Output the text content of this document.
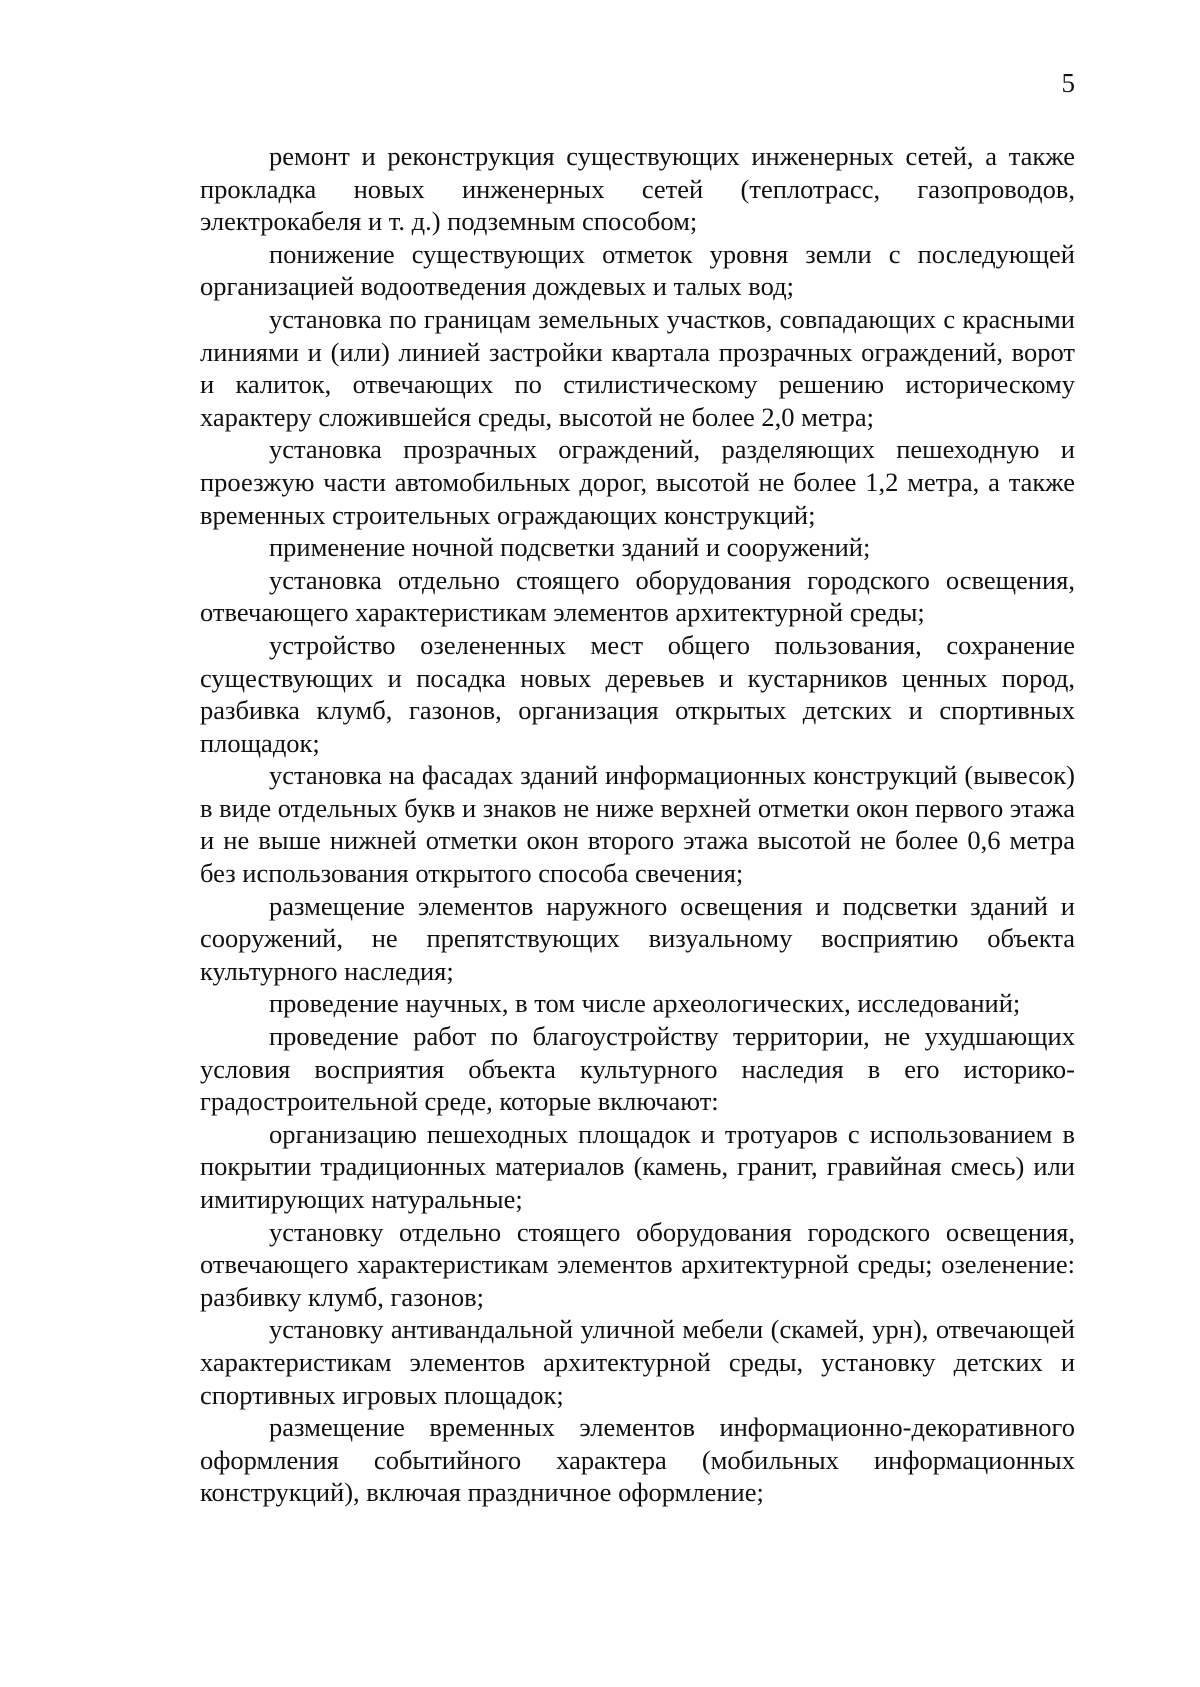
5

ремонт и реконструкция существующих инженерных сетей, а также прокладка новых инженерных сетей (теплотрасс, газопроводов, электрокабеля и т. д.) подземным способом;

понижение существующих отметок уровня земли с последующей организацией водоотведения дождевых и талых вод;

установка по границам земельных участков, совпадающих с красными линиями и (или) линией застройки квартала прозрачных ограждений, ворот и калиток, отвечающих по стилистическому решению историческому характеру сложившейся среды, высотой не более 2,0 метра;

установка прозрачных ограждений, разделяющих пешеходную и проезжую части автомобильных дорог, высотой не более 1,2 метра, а также временных строительных ограждающих конструкций;

применение ночной подсветки зданий и сооружений;

установка отдельно стоящего оборудования городского освещения, отвечающего характеристикам элементов архитектурной среды;

устройство озелененных мест общего пользования, сохранение существующих и посадка новых деревьев и кустарников ценных пород, разбивка клумб, газонов, организация открытых детских и спортивных площадок;

установка на фасадах зданий информационных конструкций (вывесок) в виде отдельных букв и знаков не ниже верхней отметки окон первого этажа и не выше нижней отметки окон второго этажа высотой не более 0,6 метра без использования открытого способа свечения;

размещение элементов наружного освещения и подсветки зданий и сооружений, не препятствующих визуальному восприятию объекта культурного наследия;

проведение научных, в том числе археологических, исследований;

проведение работ по благоустройству территории, не ухудшающих условия восприятия объекта культурного наследия в его историко-градостроительной среде, которые включают:

организацию пешеходных площадок и тротуаров с использованием в покрытии традиционных материалов (камень, гранит, гравийная смесь) или имитирующих натуральные;

установку отдельно стоящего оборудования городского освещения, отвечающего характеристикам элементов архитектурной среды; озеленение: разбивку клумб, газонов;

установку антивандальной уличной мебели (скамей, урн), отвечающей характеристикам элементов архитектурной среды, установку детских и спортивных игровых площадок;

размещение временных элементов информационно-декоративного оформления событийного характера (мобильных информационных конструкций), включая праздничное оформление;
